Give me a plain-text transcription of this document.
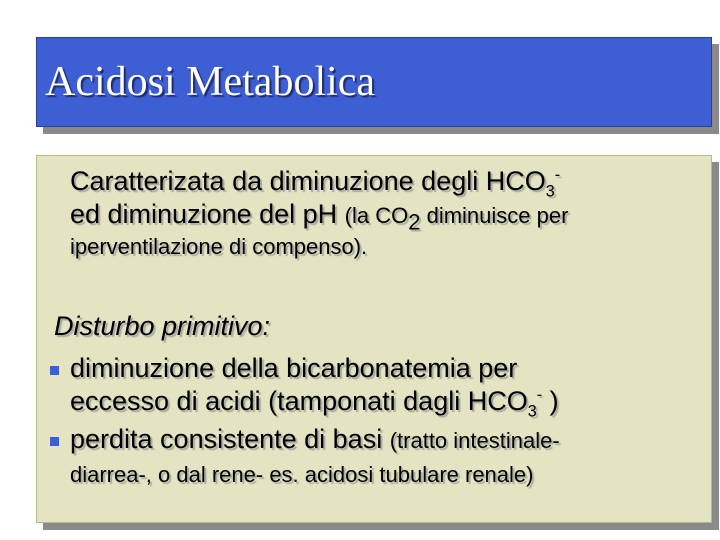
Acidosi Metabolica
Caratterizata da diminuzione degli $HCO_3^-$
ed diminuzione del pH (la $CO_2$ diminuisce per
iperventilazione di compenso).
Disturbo primitivo:
diminuzione della bicarbonatemia per
eccesso di acidi (tamponati dagli $HCO_3^-$ )
perdita consistente di basi (tratto intestinale-
diarrea-, o dal rene- es. acidosi tubulare renale)
